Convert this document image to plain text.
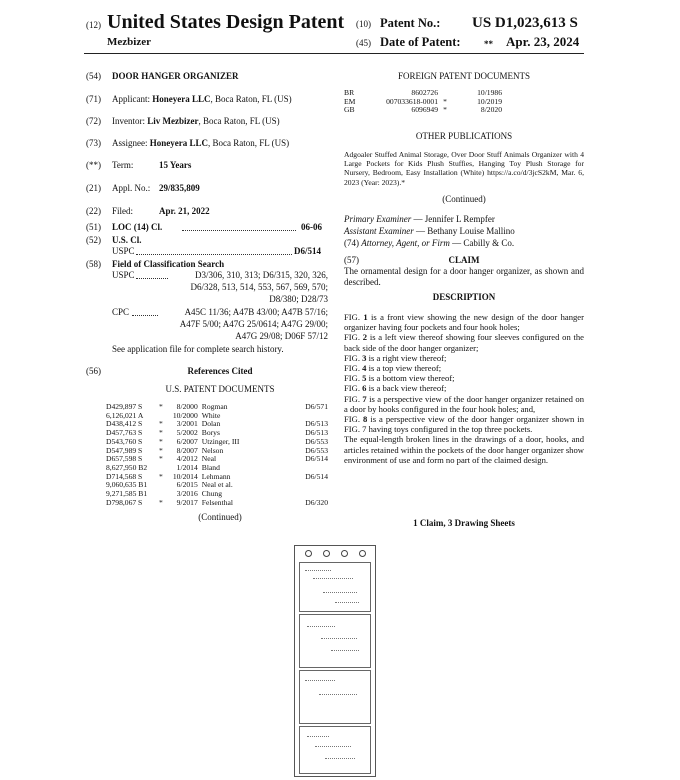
(12) United States Design Patent
Mezbizer
(10) Patent No.: US D1,023,613 S
(45) Date of Patent:	** Apr. 23, 2024
(54) DOOR HANGER ORGANIZER
(71) Applicant: Honeyera LLC, Boca Raton, FL (US)
(72) Inventor: Liv Mezbizer, Boca Raton, FL (US)
(73) Assignee: Honeyera LLC, Boca Raton, FL (US)
(**) Term:	15 Years
(21) Appl. No.: 29/835,809
(22) Filed:	Apr. 21, 2022
(51) LOC (14) Cl.	06-06
(52) U.S. Cl.
USPC	D6/514
(58) Field of Classification Search
USPC	D3/306, 310, 313; D6/315, 320, 326,
D6/328, 513, 514, 553, 567, 569, 570;
D8/380; D28/73
CPC	A45C 11/36; A47B 43/00; A47B 57/16;
A47F 5/00; A47G 25/0614; A47G 29/00;
A47G 29/08; D06F 57/12
See application file for complete search history.
(56)	References Cited
U.S. PATENT DOCUMENTS
D429,897 S	*	8/2000	Rogman	D6/571
6,126,021 A		10/2000	White	
D438,412 S	*	3/2001	Dolan	D6/513
D457,763 S	*	5/2002	Borys	D6/513
D543,760 S	*	6/2007	Utzinger, III	D6/553
D547,989 S	*	8/2007	Nelson	D6/553
D657,598 S	*	4/2012	Neal	D6/514
8,627,950 B2		1/2014	Bland	
D714,568 S	*	10/2014	Lehmann	D6/514
9,060,635 B1		6/2015	Neal et al.	
9,271,585 B1		3/2016	Chung	
D798,067 S	*	9/2017	Felsenthal	D6/320
(Continued)
FOREIGN PATENT DOCUMENTS
BR	8602726		10/1986
EM	007033618-0001	*	10/2019
GB	6096949	*	8/2020
OTHER PUBLICATIONS
Adgoaler Stuffed Animal Storage, Over Door Stuff Animals Organizer with 4 Large Pockets for Kids Plush Stuffies, Hanging Toy Plush Storage for Nursery, Bedroom, Easy Installation (White) https://a.co/d/3jcS2kM, Mar. 6, 2023 (Year: 2023).*
(Continued)
Primary Examiner — Jennifer L Rempfer
Assistant Examiner — Bethany Louise Mallino
(74) Attorney, Agent, or Firm — Cabilly & Co.
(57)	CLAIM
The ornamental design for a door hanger organizer, as shown and described.
DESCRIPTION

FIG. 1 is a front view showing the new design of the door hanger organizer having four pockets and four hook holes;

FIG. 2 is a left view thereof showing four sleeves configured on the back side of the door hanger organizer;

FIG. 3 is a right view thereof;

FIG. 4 is a top view thereof;

FIG. 5 is a bottom view thereof;

FIG. 6 is a back view thereof;

FIG. 7 is a perspective view of the door hanger organizer retained on a door by hooks configured in the four hook holes; and,

FIG. 8 is a perspective view of the door hanger organizer shown in FIG. 7 having toys configured in the top three pockets.

The equal-length broken lines in the drawings of a door, hooks, and articles retained within the pockets of the door hanger organizer show environment of use and form no part of the claimed design.

1 Claim, 3 Drawing Sheets
